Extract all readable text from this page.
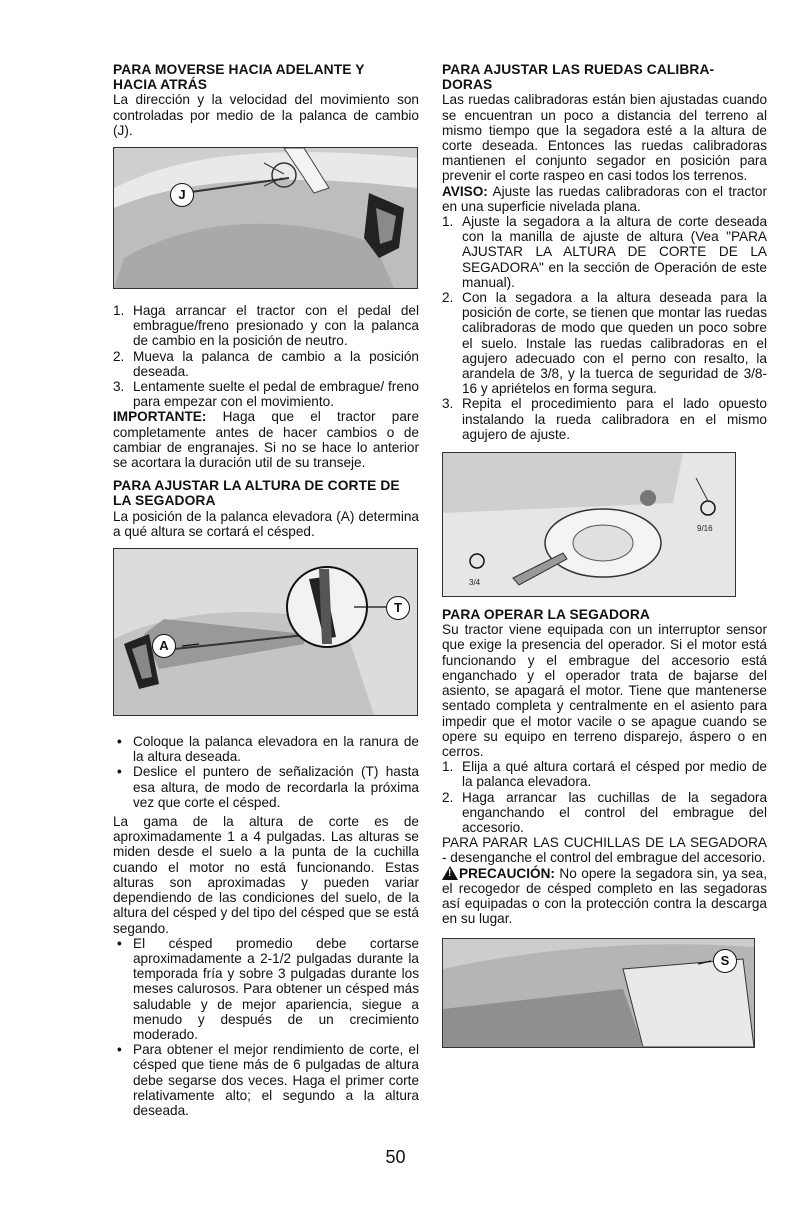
PARA MOVERSE HACIA ADELANTE Y
HACIA ATRÁS

La dirección y la velocidad del movimiento son controladas por medio de la palanca de cambio (J).

J
1. Haga arrancar el tractor con el pedal del embrague/freno presionado y con la palanca de cambio en la posición de neutro.
2. Mueva la palanca de cambio a la posición deseada.
3. Lentamente suelte el pedal de embrague/ freno para empezar con el movimiento.

IMPORTANTE: Haga que el tractor pare completamente antes de hacer cambios o de cambiar de engranajes. Si no se hace lo anterior se acortara la duración util de su transeje.

PARA AJUSTAR LA ALTURA DE CORTE DE
LA SEGADORA

La posición de la palanca elevadora (A) determina a qué altura se cortará el césped.

A
T
• Coloque la palanca elevadora en la ranura de la altura deseada.
• Deslice el puntero de señalización (T) hasta esa altura, de modo de recordarla la próxima vez que corte el césped.

La gama de la altura de corte es de aproximadamente 1 a 4 pulgadas. Las alturas se miden desde el suelo a la punta de la cuchilla cuando el motor no está funcionando. Estas alturas son aproximadas y pueden variar dependiendo de las condiciones del suelo, de la altura del césped y del tipo del césped que se está segando.

• El césped promedio debe cortarse aproximadamente a 2-1/2 pulgadas durante la temporada fría y sobre 3 pulgadas durante los meses calurosos. Para obtener un césped más saludable y de mejor apariencia, siegue a menudo y después de un crecimiento moderado.
• Para obtener el mejor rendimiento de corte, el césped que tiene más de 6 pulgadas de altura debe segarse dos veces. Haga el primer corte relativamente alto; el segundo a la altura deseada.
PARA AJUSTAR LAS RUEDAS CALIBRA-
DORAS

Las ruedas calibradoras están bien ajustadas cuando se encuentran un poco a distancia del terreno al mismo tiempo que la segadora esté a la altura de corte deseada. Entonces las ruedas calibradoras mantienen el conjunto segador en posición para prevenir el corte raspeo en casi todos los terrenos.

AVISO: Ajuste las ruedas calibradoras con el tractor en una superficie nivelada plana.

1. Ajuste la segadora a la altura de corte deseada con la manilla de ajuste de altura (Vea "PARA AJUSTAR LA ALTURA DE CORTE DE LA SEGADORA" en la sección de Operación de este manual).
2. Con la segadora a la altura deseada para la posición de corte, se tienen que montar las ruedas calibradoras de modo que queden un poco sobre el suelo. Instale las ruedas calibradoras en el agujero adecuado con el perno con resalto, la arandela de 3/8, y la tuerca de seguridad de 3/8-16 y apriételos en forma segura.
3. Repita el procedimiento para el lado opuesto instalando la rueda calibradora en el mismo agujero de ajuste.
9/16
3/4
PARA OPERAR LA SEGADORA

Su tractor viene equipada con un interruptor sensor que exige la presencia del operador. Si el motor está funcionando y el embrague del accesorio está enganchado y el operador trata de bajarse del asiento, se apagará el motor. Tiene que mantenerse sentado completa y centralmente en el asiento para impedir que el motor vacile o se apague cuando se opere su equipo en terreno disparejo, áspero o en cerros.

1. Elija a qué altura cortará el césped por medio de la palanca elevadora.
2. Haga arrancar las cuchillas de la segadora enganchando el control del embrague del accesorio.

PARA PARAR LAS CUCHILLAS DE LA SEGADORA - desenganche el control del embrague del accesorio.

! PRECAUCIÓN: No opere la segadora sin, ya sea, el recogedor de césped completo en las segadoras así equipadas o con la protección contra la descarga en su lugar.

S
50
